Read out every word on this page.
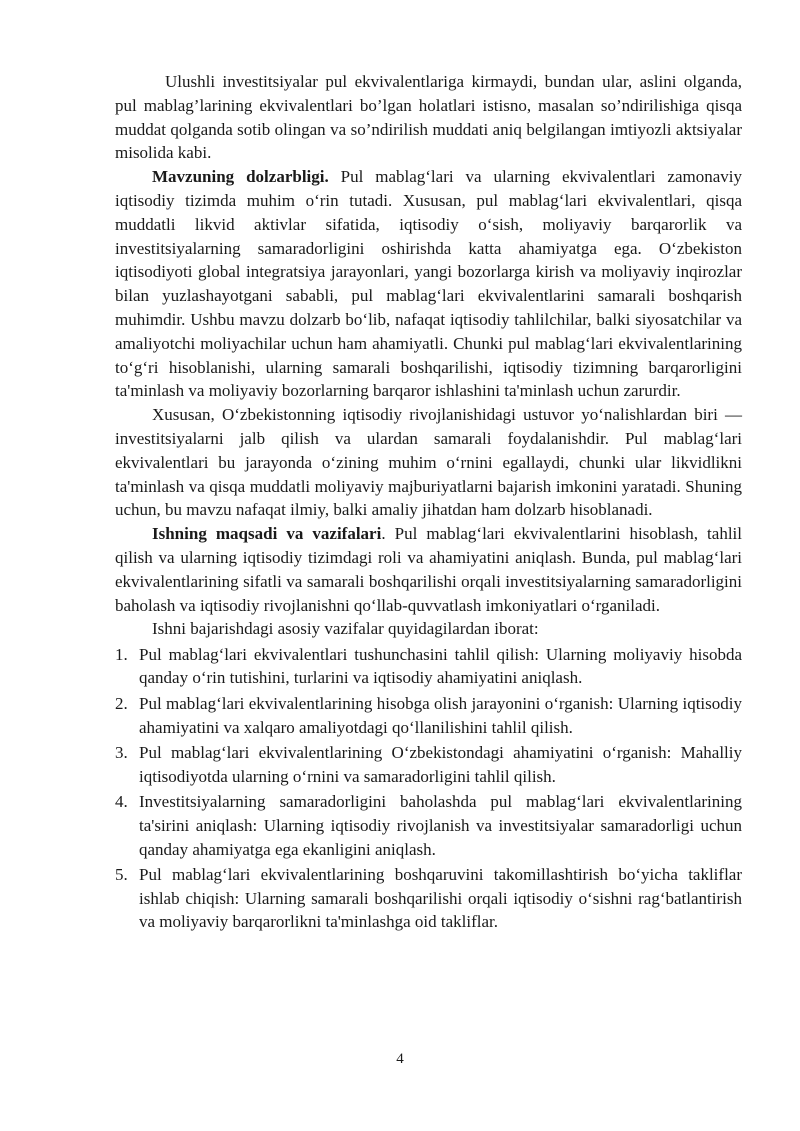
Ulushli investitsiyalar pul ekvivalentlariga kirmaydi, bundan ular, aslini olganda, pul mablag’larining ekvivalentlari bo’lgan holatlari istisno, masalan so’ndirilishiga qisqa muddat qolganda sotib olingan va so’ndirilish muddati aniq belgilangan imtiyozli aktsiyalar misolida kabi.

Mavzuning dolzarbligi. Pul mablag‘lari va ularning ekvivalentlari zamonaviy iqtisodiy tizimda muhim o‘rin tutadi. Xususan, pul mablag‘lari ekvivalentlari, qisqa muddatli likvid aktivlar sifatida, iqtisodiy o‘sish, moliyaviy barqarorlik va investitsiyalarning samaradorligini oshirishda katta ahamiyatga ega. O‘zbekiston iqtisodiyoti global integratsiya jarayonlari, yangi bozorlarga kirish va moliyaviy inqirozlar bilan yuzlashayotgani sababli, pul mablag‘lari ekvivalentlarini samarali boshqarish muhimdir. Ushbu mavzu dolzarb bo‘lib, nafaqat iqtisodiy tahlilchilar, balki siyosatchilar va amaliyotchi moliyachilar uchun ham ahamiyatli. Chunki pul mablag‘lari ekvivalentlarining to‘g‘ri hisoblanishi, ularning samarali boshqarilishi, iqtisodiy tizimning barqarorligini ta'minlash va moliyaviy bozorlarning barqaror ishlashini ta'minlash uchun zarurdir.

Xususan, O‘zbekistonning iqtisodiy rivojlanishidagi ustuvor yo‘nalishlardan biri — investitsiyalarni jalb qilish va ulardan samarali foydalanishdir. Pul mablag‘lari ekvivalentlari bu jarayonda o‘zining muhim o‘rnini egallaydi, chunki ular likvidlikni ta'minlash va qisqa muddatli moliyaviy majburiyatlarni bajarish imkonini yaratadi. Shuning uchun, bu mavzu nafaqat ilmiy, balki amaliy jihatdan ham dolzarb hisoblanadi.

Ishning maqsadi va vazifalari. Pul mablag‘lari ekvivalentlarini hisoblash, tahlil qilish va ularning iqtisodiy tizimdagi roli va ahamiyatini aniqlash. Bunda, pul mablag‘lari ekvivalentlarining sifatli va samarali boshqarilishi orqali investitsiyalarning samaradorligini baholash va iqtisodiy rivojlanishni qo‘llab-quvvatlash imkoniyatlari o‘rganiladi.

Ishni bajarishdagi asosiy vazifalar quyidagilardan iborat:

1. Pul mablag‘lari ekvivalentlari tushunchasini tahlil qilish: Ularning moliyaviy hisobda qanday o‘rin tutishini, turlarini va iqtisodiy ahamiyatini aniqlash.
2. Pul mablag‘lari ekvivalentlarining hisobga olish jarayonini o‘rganish: Ularning iqtisodiy ahamiyatini va xalqaro amaliyotdagi qo‘llanilishini tahlil qilish.
3. Pul mablag‘lari ekvivalentlarining O‘zbekistondagi ahamiyatini o‘rganish: Mahalliy iqtisodiyotda ularning o‘rnini va samaradorligini tahlil qilish.
4. Investitsiyalarning samaradorligini baholashda pul mablag‘lari ekvivalentlarining ta'sirini aniqlash: Ularning iqtisodiy rivojlanish va investitsiyalar samaradorligi uchun qanday ahamiyatga ega ekanligini aniqlash.
5. Pul mablag‘lari ekvivalentlarining boshqaruvini takomillashtirish bo‘yicha takliflar ishlab chiqish: Ularning samarali boshqarilishi orqali iqtisodiy o‘sishni rag‘batlantirish va moliyaviy barqarorlikni ta'minlashga oid takliflar.
4
